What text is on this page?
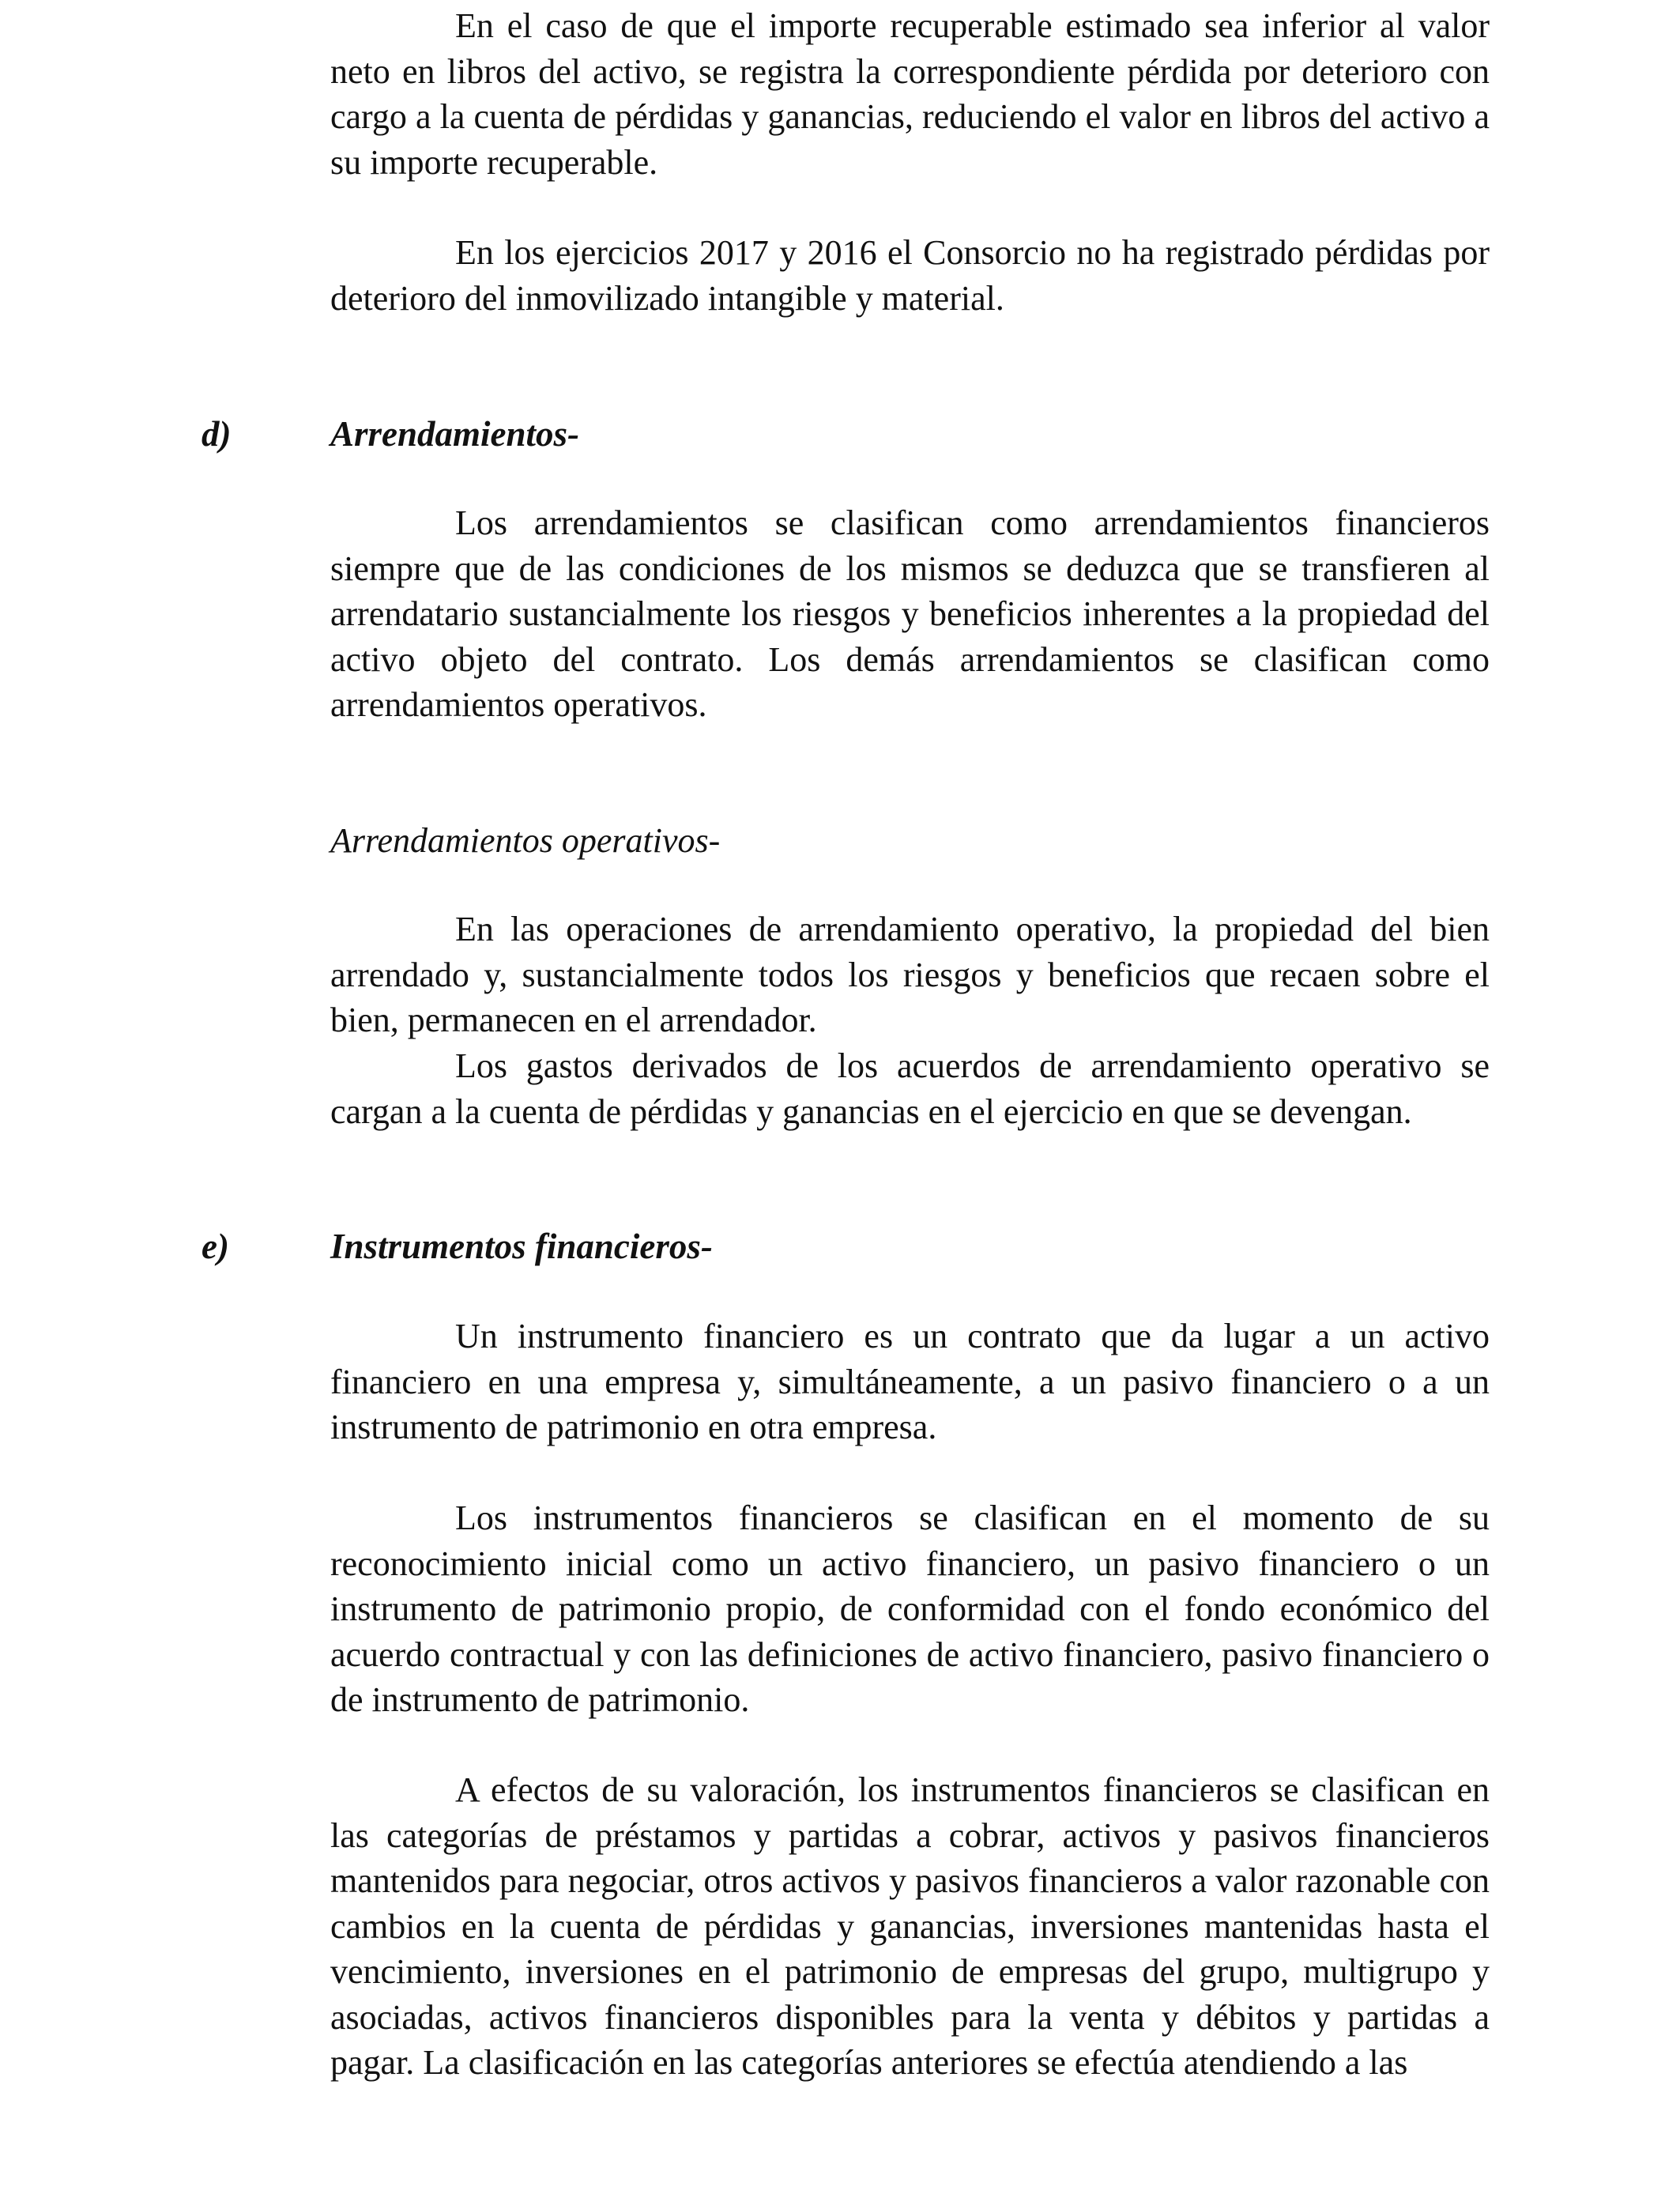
En el caso de que el importe recuperable estimado sea inferior al valor neto en libros del activo, se registra la correspondiente pérdida por deterioro con cargo a la cuenta de pérdidas y ganancias, reduciendo el valor en libros del activo a su importe recuperable.

En los ejercicios 2017 y 2016 el Consorcio no ha registrado pérdidas por deterioro del inmovilizado intangible y material.

d)	Arrendamientos-

Los arrendamientos se clasifican como arrendamientos financieros siempre que de las condiciones de los mismos se deduzca que se transfieren al arrendatario sustancialmente los riesgos y beneficios inherentes a la propiedad del activo objeto del contrato. Los demás arrendamientos se clasifican como arrendamientos operativos.

Arrendamientos operativos-

En las operaciones de arrendamiento operativo, la propiedad del bien arrendado y, sustancialmente todos los riesgos y beneficios que recaen sobre el bien, permanecen en el arrendador.

Los gastos derivados de los acuerdos de arrendamiento operativo se cargan a la cuenta de pérdidas y ganancias en el ejercicio en que se devengan.

e)	Instrumentos financieros-

Un instrumento financiero es un contrato que da lugar a un activo financiero en una empresa y, simultáneamente, a un pasivo financiero o a un instrumento de patrimonio en otra empresa.

Los instrumentos financieros se clasifican en el momento de su reconocimiento inicial como un activo financiero, un pasivo financiero o un instrumento de patrimonio propio, de conformidad con el fondo económico del acuerdo contractual y con las definiciones de activo financiero, pasivo financiero o de instrumento de patrimonio.

A efectos de su valoración, los instrumentos financieros se clasifican en las categorías de préstamos y partidas a cobrar, activos y pasivos financieros mantenidos para negociar, otros activos y pasivos financieros a valor razonable con cambios en la cuenta de pérdidas y ganancias, inversiones mantenidas hasta el vencimiento, inversiones en el patrimonio de empresas del grupo, multigrupo y asociadas, activos financieros disponibles para la venta y débitos y partidas a pagar. La clasificación en las categorías anteriores se efectúa atendiendo a las
